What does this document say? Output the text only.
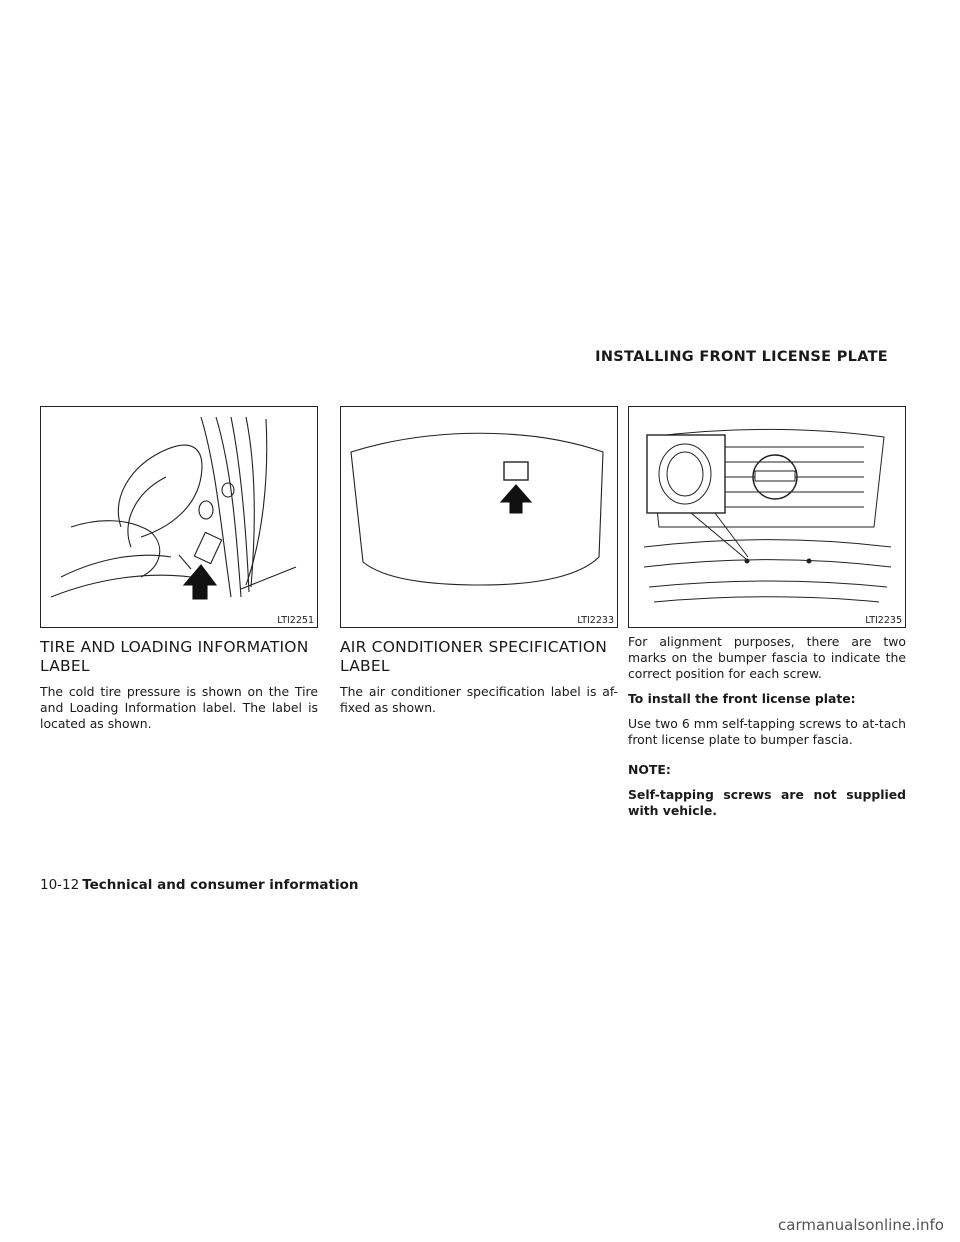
INSTALLING FRONT LICENSE PLATE
LTI2251
TIRE AND LOADING INFORMATION LABEL

The cold tire pressure is shown on the Tire and Loading Information label. The label is located as shown.

LTI2233
AIR CONDITIONER SPECIFICATION LABEL

The air conditioner specification label is af-fixed as shown.

LTI2235

For alignment purposes, there are two marks on the bumper fascia to indicate the correct position for each screw.

To install the front license plate:

Use two 6 mm self-tapping screws to at-tach front license plate to bumper fascia.

NOTE:

Self-tapping screws are not supplied with vehicle.

10-12 Technical and consumer information
carmanualsonline.info
